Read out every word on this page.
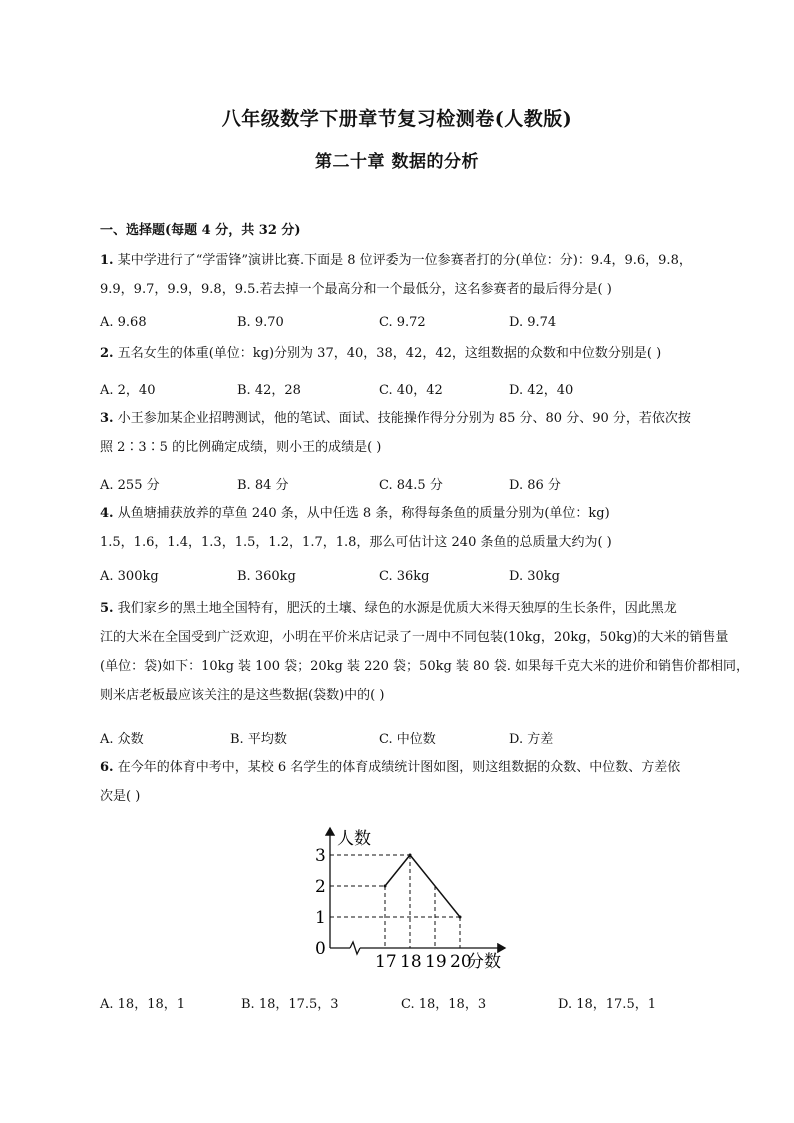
八年级数学下册章节复习检测卷(人教版)
第二十章 数据的分析
一、选择题(每题 4 分，共 32 分)
1. 某中学进行了“学雷锋”演讲比赛.下面是 8 位评委为一位参赛者打的分(单位：分)：9.4，9.6，9.8，
9.9，9.7，9.9，9.8，9.5.若去掉一个最高分和一个最低分，这名参赛者的最后得分是( )
A. 9.68	B. 9.70	C. 9.72	D. 9.74
2. 五名女生的体重(单位：kg)分别为 37，40，38，42，42，这组数据的众数和中位数分别是( )
A. 2，40	B. 42，28	C. 40，42	D. 42，40
3. 小王参加某企业招聘测试，他的笔试、面试、技能操作得分分别为 85 分、80 分、90 分，若依次按
照 2∶3∶5 的比例确定成绩，则小王的成绩是( )
A. 255 分	B. 84 分	C. 84.5 分	D. 86 分
4. 从鱼塘捕获放养的草鱼 240 条，从中任选 8 条，称得每条鱼的质量分别为(单位：kg)
1.5，1.6，1.4，1.3，1.5，1.2，1.7，1.8，那么可估计这 240 条鱼的总质量大约为( )
A. 300kg	B. 360kg	C. 36kg	D. 30kg
5. 我们家乡的黑土地全国特有，肥沃的土壤、绿色的水源是优质大米得天独厚的生长条件，因此黑龙
江的大米在全国受到广泛欢迎，小明在平价米店记录了一周中不同包装(10kg，20kg，50kg)的大米的销售量
(单位：袋)如下：10kg 装 100 袋；20kg 装 220 袋；50kg 装 80 袋. 如果每千克大米的进价和销售价都相同，
则米店老板最应该关注的是这些数据(袋数)中的( )
A. 众数	B. 平均数	C. 中位数	D. 方差
6. 在今年的体育中考中，某校 6 名学生的体育成绩统计图如图，则这组数据的众数、中位数、方差依
次是( )
人数
分数
0
1
2
3
17 18 19 20
A. 18，18，1	B. 18，17.5，3	C. 18，18，3	D. 18，17.5，1
